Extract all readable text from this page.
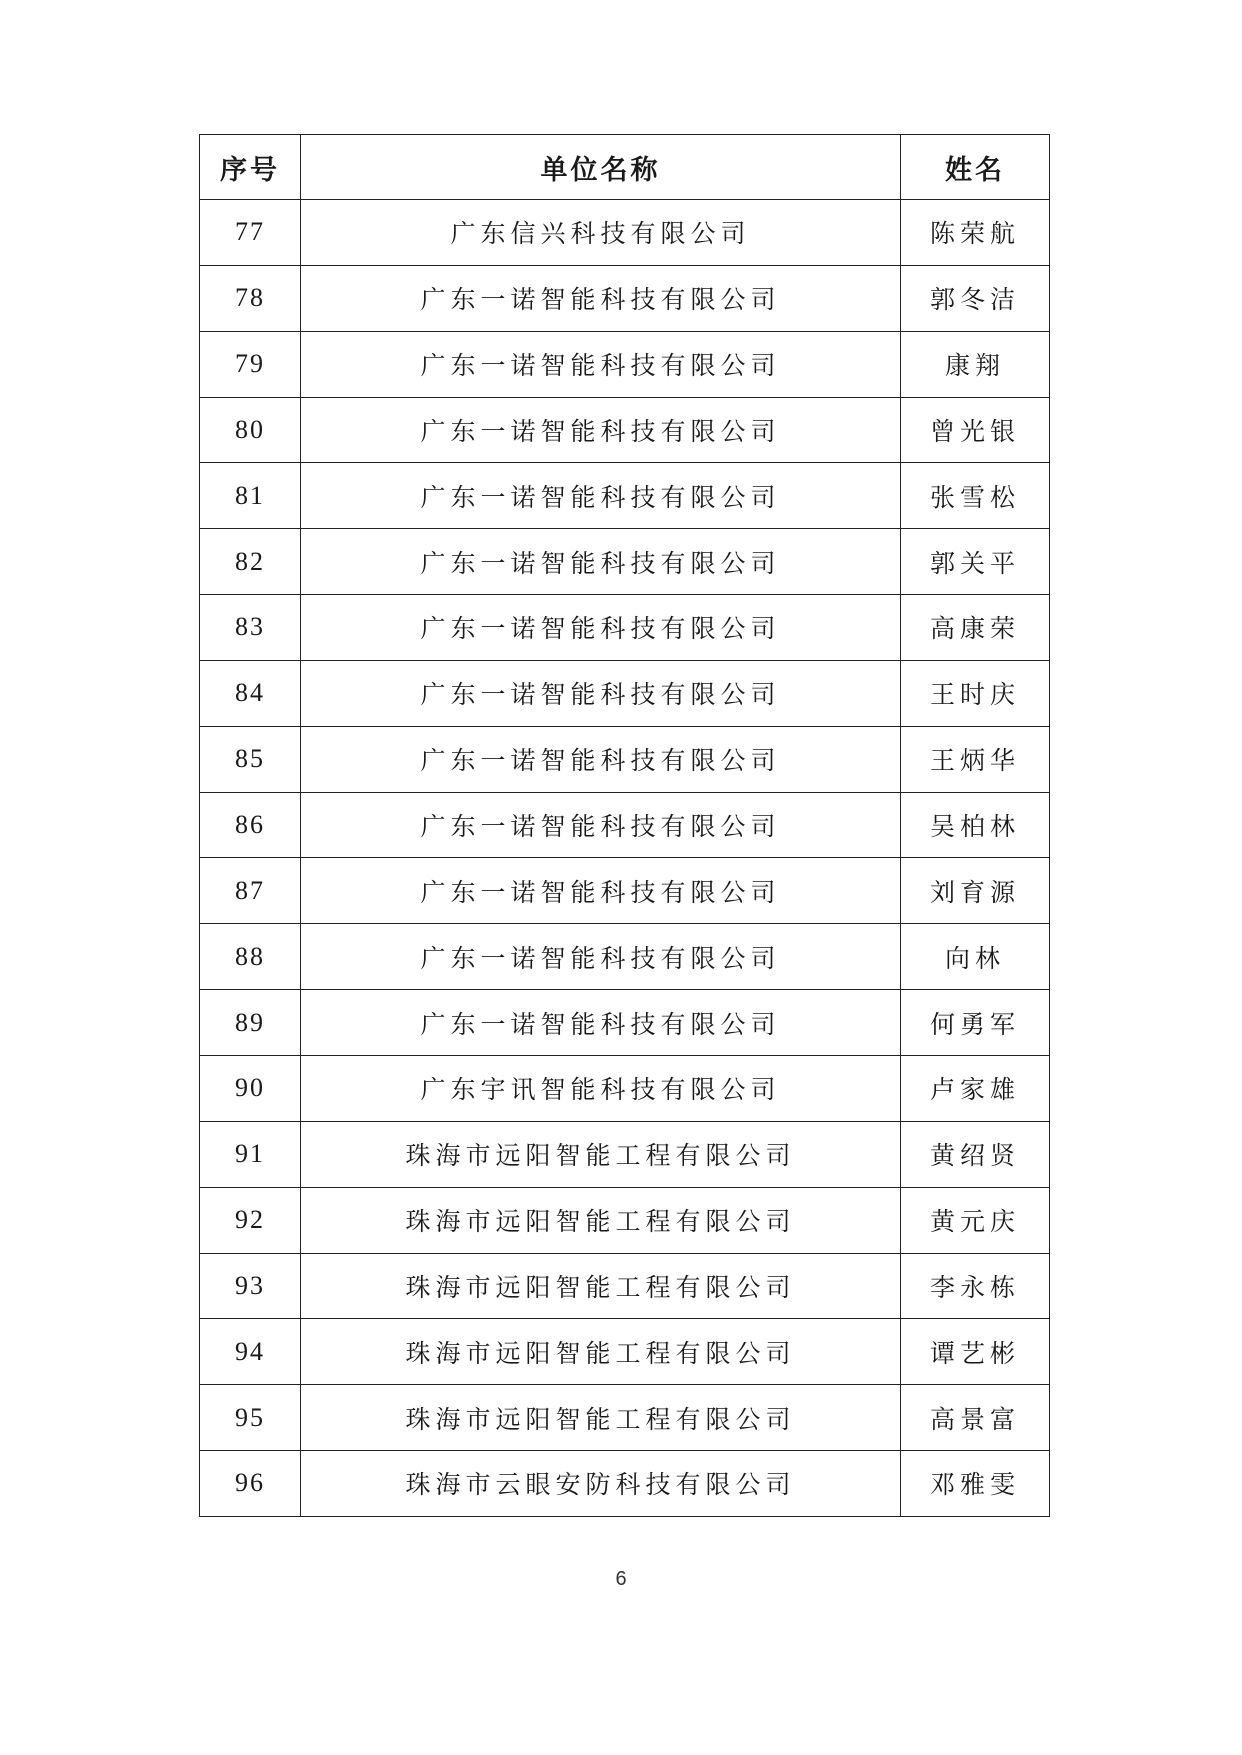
序号	单位名称	姓名
77	广东信兴科技有限公司	陈荣航
78	广东一诺智能科技有限公司	郭冬洁
79	广东一诺智能科技有限公司	康翔
80	广东一诺智能科技有限公司	曾光银
81	广东一诺智能科技有限公司	张雪松
82	广东一诺智能科技有限公司	郭关平
83	广东一诺智能科技有限公司	高康荣
84	广东一诺智能科技有限公司	王时庆
85	广东一诺智能科技有限公司	王炳华
86	广东一诺智能科技有限公司	吴柏林
87	广东一诺智能科技有限公司	刘育源
88	广东一诺智能科技有限公司	向林
89	广东一诺智能科技有限公司	何勇军
90	广东宇讯智能科技有限公司	卢家雄
91	珠海市远阳智能工程有限公司	黄绍贤
92	珠海市远阳智能工程有限公司	黄元庆
93	珠海市远阳智能工程有限公司	李永栋
94	珠海市远阳智能工程有限公司	谭艺彬
95	珠海市远阳智能工程有限公司	高景富
96	珠海市云眼安防科技有限公司	邓雅雯
6
